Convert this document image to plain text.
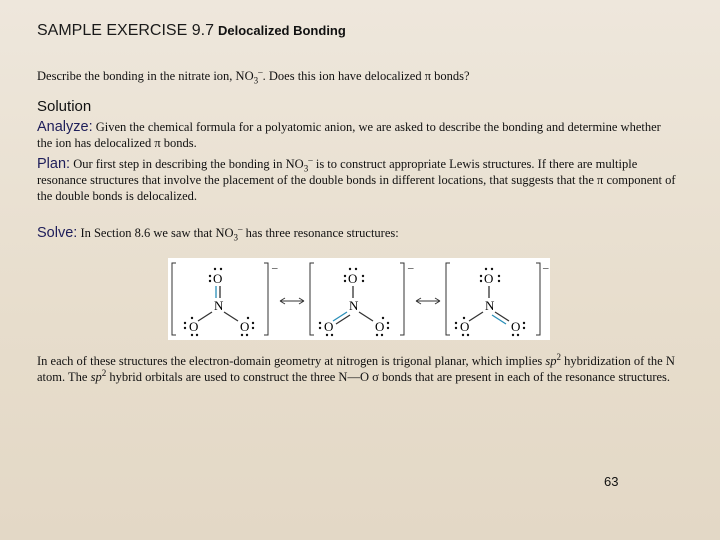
SAMPLE EXERCISE 9.7 Delocalized Bonding
Describe the bonding in the nitrate ion, $NO_3^-$. Does this ion have delocalized π bonds?
Solution
Analyze: Given the chemical formula for a polyatomic anion, we are asked to describe the bonding and determine whether the ion has delocalized π bonds.
Plan: Our first step in describing the bonding in $NO_3^-$ is to construct appropriate Lewis structures. If there are multiple resonance structures that involve the placement of the double bonds in different locations, that suggests that the π component of the double bonds is delocalized.
Solve: In Section 8.6 we saw that $NO_3^-$ has three resonance structures:
–
O
N
O	O
–
O
N
O	O
–
O
N
O	O
In each of these structures the electron-domain geometry at nitrogen is trigonal planar, which implies $sp^2$ hybridization of the N atom. The $sp^2$ hybrid orbitals are used to construct the three N—O σ bonds that are present in each of the resonance structures.
63
